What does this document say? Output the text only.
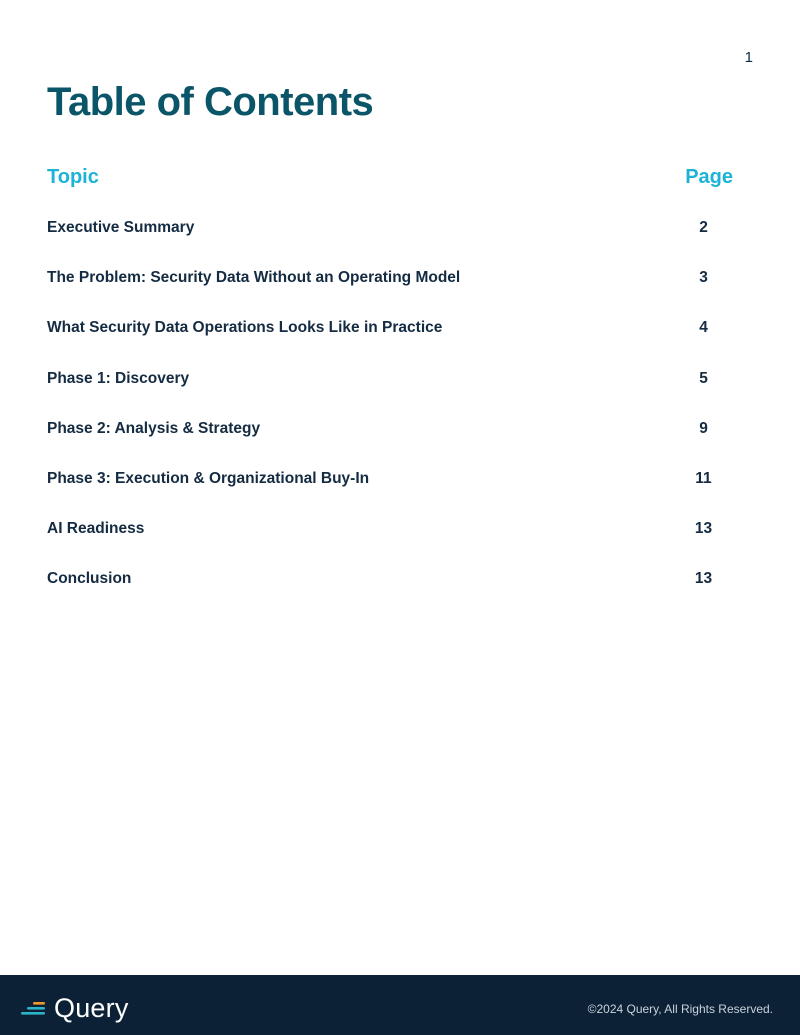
1
Table of Contents
Topic	Page
Executive Summary	2
The Problem: Security Data Without an Operating Model	3
What Security Data Operations Looks Like in Practice	4
Phase 1: Discovery	5
Phase 2: Analysis & Strategy	9
Phase 3: Execution & Organizational Buy-In	11
AI Readiness	13
Conclusion	13
Query	©2024 Query, All Rights Reserved.
